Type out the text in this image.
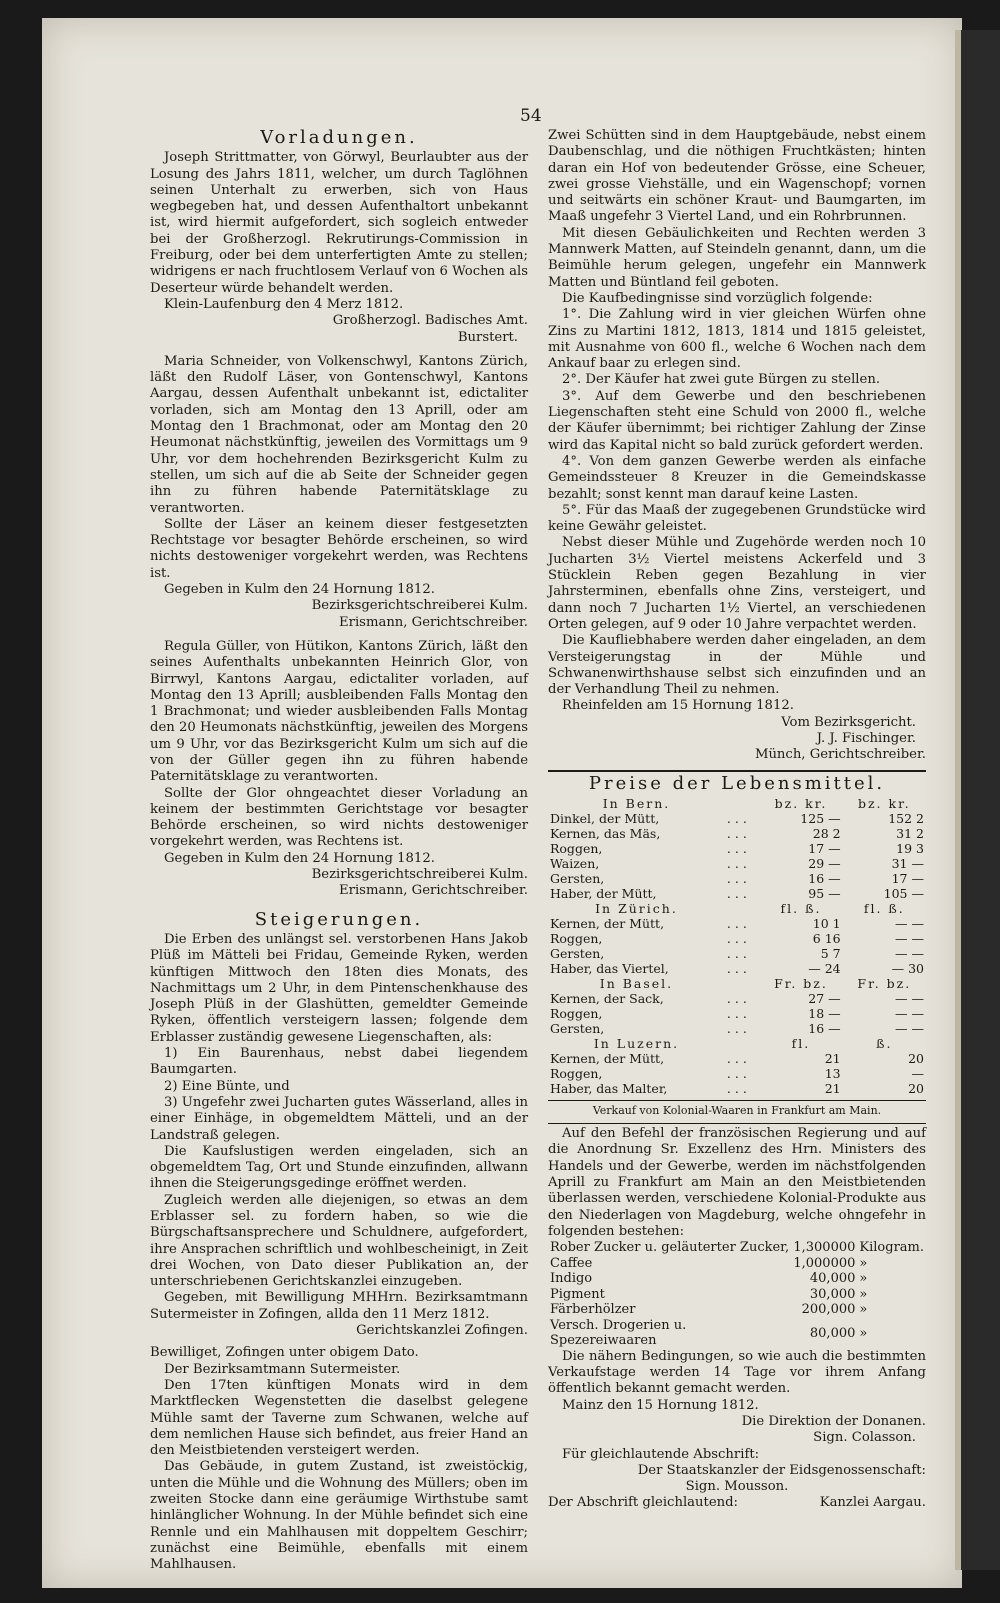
54
Vorladungen.

Joseph Strittmatter, von Görwyl, Beurlaubter aus der Losung des Jahrs 1811, welcher, um durch Taglöhnen seinen Unterhalt zu erwerben, sich von Haus wegbegeben hat, und dessen Aufenthaltort unbekannt ist, wird hiermit aufgefordert, sich sogleich entweder bei der Großherzogl. Rekrutirungs-Commission in Freiburg, oder bei dem unterfertigten Amte zu stellen; widrigens er nach fruchtlosem Verlauf von 6 Wochen als Deserteur würde behandelt werden.

Klein-Laufenburg den 4 Merz 1812.

Großherzogl. Badisches Amt.
Burstert.

Maria Schneider, von Volkenschwyl, Kantons Zürich, läßt den Rudolf Läser, von Gontenschwyl, Kantons Aargau, dessen Aufenthalt unbekannt ist, edictaliter vorladen, sich am Montag den 13 Aprill, oder am Montag den 1 Brachmonat, oder am Montag den 20 Heumonat nächstkünftig, jeweilen des Vormittags um 9 Uhr, vor dem hochehrenden Bezirksgericht Kulm zu stellen, um sich auf die ab Seite der Schneider gegen ihn zu führen habende Paternitätsklage zu verantworten.

Sollte der Läser an keinem dieser festgesetzten Rechtstage vor besagter Behörde erscheinen, so wird nichts destoweniger vorgekehrt werden, was Rechtens ist.

Gegeben in Kulm den 24 Hornung 1812.

Bezirksgerichtschreiberei Kulm.
Erismann, Gerichtschreiber.

Regula Güller, von Hütikon, Kantons Zürich, läßt den seines Aufenthalts unbekannten Heinrich Glor, von Birrwyl, Kantons Aargau, edictaliter vorladen, auf Montag den 13 Aprill; ausbleibenden Falls Montag den 1 Brachmonat; und wieder ausbleibenden Falls Montag den 20 Heumonats nächstkünftig, jeweilen des Morgens um 9 Uhr, vor das Bezirksgericht Kulm um sich auf die von der Güller gegen ihn zu führen habende Paternitätsklage zu verantworten.

Sollte der Glor ohngeachtet dieser Vorladung an keinem der bestimmten Gerichtstage vor besagter Behörde erscheinen, so wird nichts destoweniger vorgekehrt werden, was Rechtens ist.

Gegeben in Kulm den 24 Hornung 1812.

Bezirksgerichtschreiberei Kulm.
Erismann, Gerichtschreiber.
Steigerungen.

Die Erben des unlängst sel. verstorbenen Hans Jakob Plüß im Mätteli bei Fridau, Gemeinde Ryken, werden künftigen Mittwoch den 18ten dies Monats, des Nachmittags um 2 Uhr, in dem Pintenschenkhause des Joseph Plüß in der Glashütten, gemeldter Gemeinde Ryken, öffentlich versteigern lassen; folgende dem Erblasser zuständig gewesene Liegenschaften, als:

1) Ein Baurenhaus, nebst dabei liegendem Baumgarten.

2) Eine Bünte, und

3) Ungefehr zwei Jucharten gutes Wässerland, alles in einer Einhäge, in obgemeldtem Mätteli, und an der Landstraß gelegen.

Die Kaufslustigen werden eingeladen, sich an obgemeldtem Tag, Ort und Stunde einzufinden, allwann ihnen die Steigerungsgedinge eröffnet werden.

Zugleich werden alle diejenigen, so etwas an dem Erblasser sel. zu fordern haben, so wie die Bürgschaftsansprechere und Schuldnere, aufgefordert, ihre Ansprachen schriftlich und wohlbescheinigt, in Zeit drei Wochen, von Dato dieser Publikation an, der unterschriebenen Gerichtskanzlei einzugeben.

Gegeben, mit Bewilligung MHHrn. Bezirksamtmann Sutermeister in Zofingen, allda den 11 Merz 1812.

Gerichtskanzlei Zofingen.

Bewilliget, Zofingen unter obigem Dato.

Der Bezirksamtmann Sutermeister.

Den 17ten künftigen Monats wird in dem Marktflecken Wegenstetten die daselbst gelegene Mühle samt der Taverne zum Schwanen, welche auf dem nemlichen Hause sich befindet, aus freier Hand an den Meistbietenden versteigert werden.

Das Gebäude, in gutem Zustand, ist zweistöckig, unten die Mühle und die Wohnung des Müllers; oben im zweiten Stocke dann eine geräumige Wirthstube samt hinlänglicher Wohnung. In der Mühle befindet sich eine Rennle und ein Mahlhausen mit doppeltem Geschirr; zunächst eine Beimühle, ebenfalls mit einem Mahlhausen.

Zwei Schütten sind in dem Hauptgebäude, nebst einem Daubenschlag, und die nöthigen Fruchtkästen; hinten daran ein Hof von bedeutender Grösse, eine Scheuer, zwei grosse Viehställe, und ein Wagenschopf; vornen und seitwärts ein schöner Kraut- und Baumgarten, im Maaß ungefehr 3 Viertel Land, und ein Rohrbrunnen.

Mit diesen Gebäulichkeiten und Rechten werden 3 Mannwerk Matten, auf Steindeln genannt, dann, um die Beimühle herum gelegen, ungefehr ein Mannwerk Matten und Büntland feil geboten.

Die Kaufbedingnisse sind vorzüglich folgende:

1°. Die Zahlung wird in vier gleichen Würfen ohne Zins zu Martini 1812, 1813, 1814 und 1815 geleistet, mit Ausnahme von 600 fl., welche 6 Wochen nach dem Ankauf baar zu erlegen sind.

2°. Der Käufer hat zwei gute Bürgen zu stellen.

3°. Auf dem Gewerbe und den beschriebenen Liegenschaften steht eine Schuld von 2000 fl., welche der Käufer übernimmt; bei richtiger Zahlung der Zinse wird das Kapital nicht so bald zurück gefordert werden.

4°. Von dem ganzen Gewerbe werden als einfache Gemeindssteuer 8 Kreuzer in die Gemeindskasse bezahlt; sonst kennt man darauf keine Lasten.

5°. Für das Maaß der zugegebenen Grundstücke wird keine Gewähr geleistet.

Nebst dieser Mühle und Zugehörde werden noch 10 Jucharten 3½ Viertel meistens Ackerfeld und 3 Stücklein Reben gegen Bezahlung in vier Jahrsterminen, ebenfalls ohne Zins, versteigert, und dann noch 7 Jucharten 1½ Viertel, an verschiedenen Orten gelegen, auf 9 oder 10 Jahre verpachtet werden.

Die Kaufliebhabere werden daher eingeladen, an dem Versteigerungstag in der Mühle und Schwanenwirthshause selbst sich einzufinden und an der Verhandlung Theil zu nehmen.

Rheinfelden am 15 Hornung 1812.

Vom Bezirksgericht.
J. J. Fischinger.
Münch, Gerichtschreiber.
Preise der Lebensmittel.
In Bern.		bz. kr.	bz. kr.
Dinkel, der Mütt,	. . .	125 —	152 2
Kernen, das Mäs,	. . .	28 2	31 2
Roggen,	. . .	17 —	19 3
Waizen,	. . .	29 —	31 —
Gersten,	. . .	16 —	17 —
Haber, der Mütt,	. . .	95 —	105 —
In Zürich.		fl. ß.	fl. ß.
Kernen, der Mütt,	. . .	10 1	— —
Roggen,	. . .	6 16	— —
Gersten,	. . .	5 7	— —
Haber, das Viertel,	. . .	— 24	— 30
In Basel.		Fr. bz.	Fr. bz.
Kernen, der Sack,	. . .	27 —	— —
Roggen,	. . .	18 —	— —
Gersten,	. . .	16 —	— —
In Luzern.		fl.	ß.
Kernen, der Mütt,	. . .	21	20
Roggen,	. . .	13	—
Haber, das Malter,	. . .	21	20
Verkauf von Kolonial-Waaren in Frankfurt am Main.

Auf den Befehl der französischen Regierung und auf die Anordnung Sr. Exzellenz des Hrn. Ministers des Handels und der Gewerbe, werden im nächstfolgenden Aprill zu Frankfurt am Main an den Meistbietenden überlassen werden, verschiedene Kolonial-Produkte aus den Niederlagen von Magdeburg, welche ohngefehr in folgenden bestehen:

Rober Zucker u. geläuterter Zucker,	1,300000	Kilogram.
Caffee	1,000000	»
Indigo	40,000	»
Pigment	30,000	»
Färberhölzer	200,000	»
Versch. Drogerien u. Spezereiwaaren	80,000	»

Die nähern Bedingungen, so wie auch die bestimmten Verkaufstage werden 14 Tage vor ihrem Anfang öffentlich bekannt gemacht werden.

Mainz den 15 Hornung 1812.

Die Direktion der Donanen.
Sign. Colasson.

Für gleichlautende Abschrift:

Der Staatskanzler der Eidsgenossenschaft:
Sign. Mousson.
Der Abschrift gleichlautend:	Kanzlei Aargau.
